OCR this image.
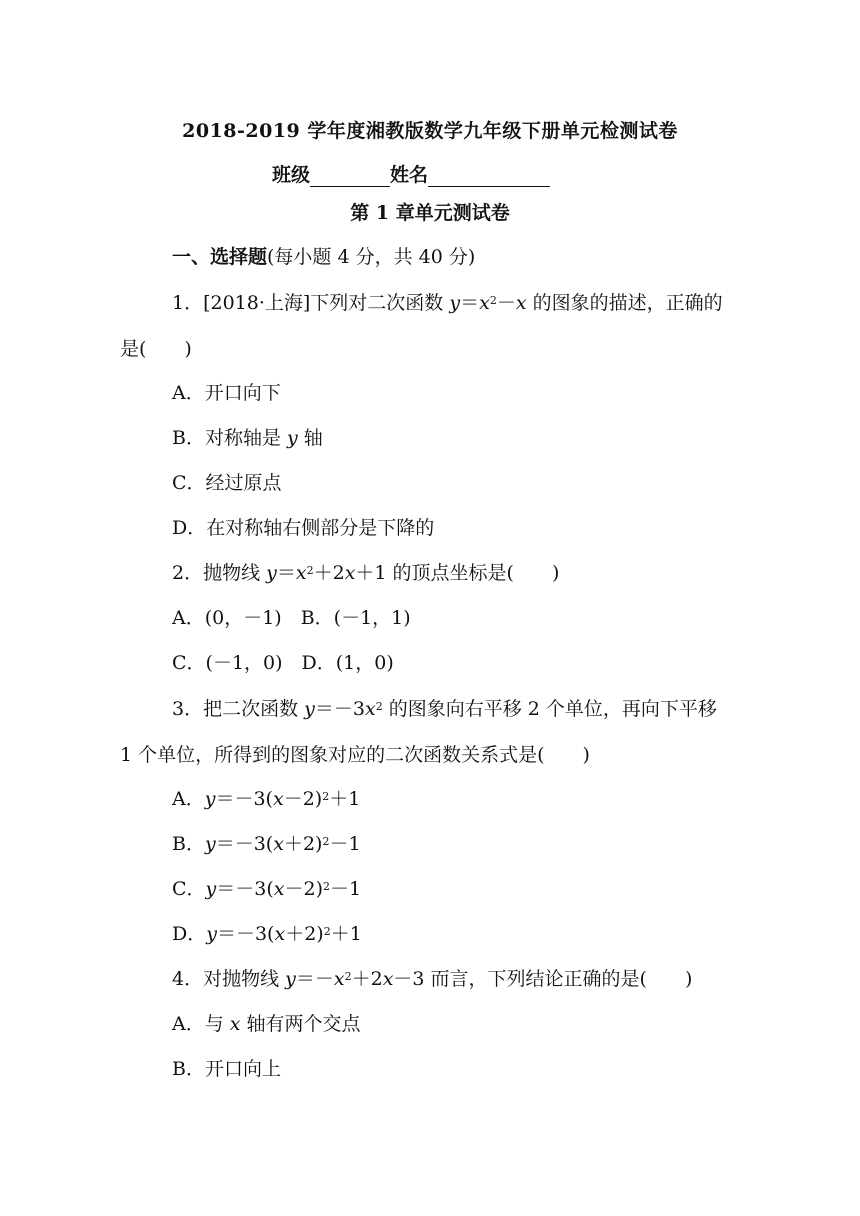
2018-2019 学年度湘教版数学九年级下册单元检测试卷
班级	姓名
第 1 章单元测试卷
一、选择题(每小题 4 分，共 40 分)
1．[2018·上海]下列对二次函数 $y=x^2-x$ 的图象的描述，正确的
是(　　)
A．开口向下
B．对称轴是 y 轴
C．经过原点
D．在对称轴右侧部分是下降的
2．抛物线 $y=x^2+2x+1$ 的顶点坐标是(　　)
A．(0，－1)　B．(－1，1)
C．(－1，0)　D．(1，0)
3．把二次函数 $y=-3x^2$ 的图象向右平移 2 个单位，再向下平移
1 个单位，所得到的图象对应的二次函数关系式是(　　)
A．$y=-3(x-2)^2+1$
B．$y=-3(x+2)^2-1$
C．$y=-3(x-2)^2-1$
D．$y=-3(x+2)^2+1$
4．对抛物线 $y=-x^2+2x-3$ 而言，下列结论正确的是(　　)
A．与 x 轴有两个交点
B．开口向上
